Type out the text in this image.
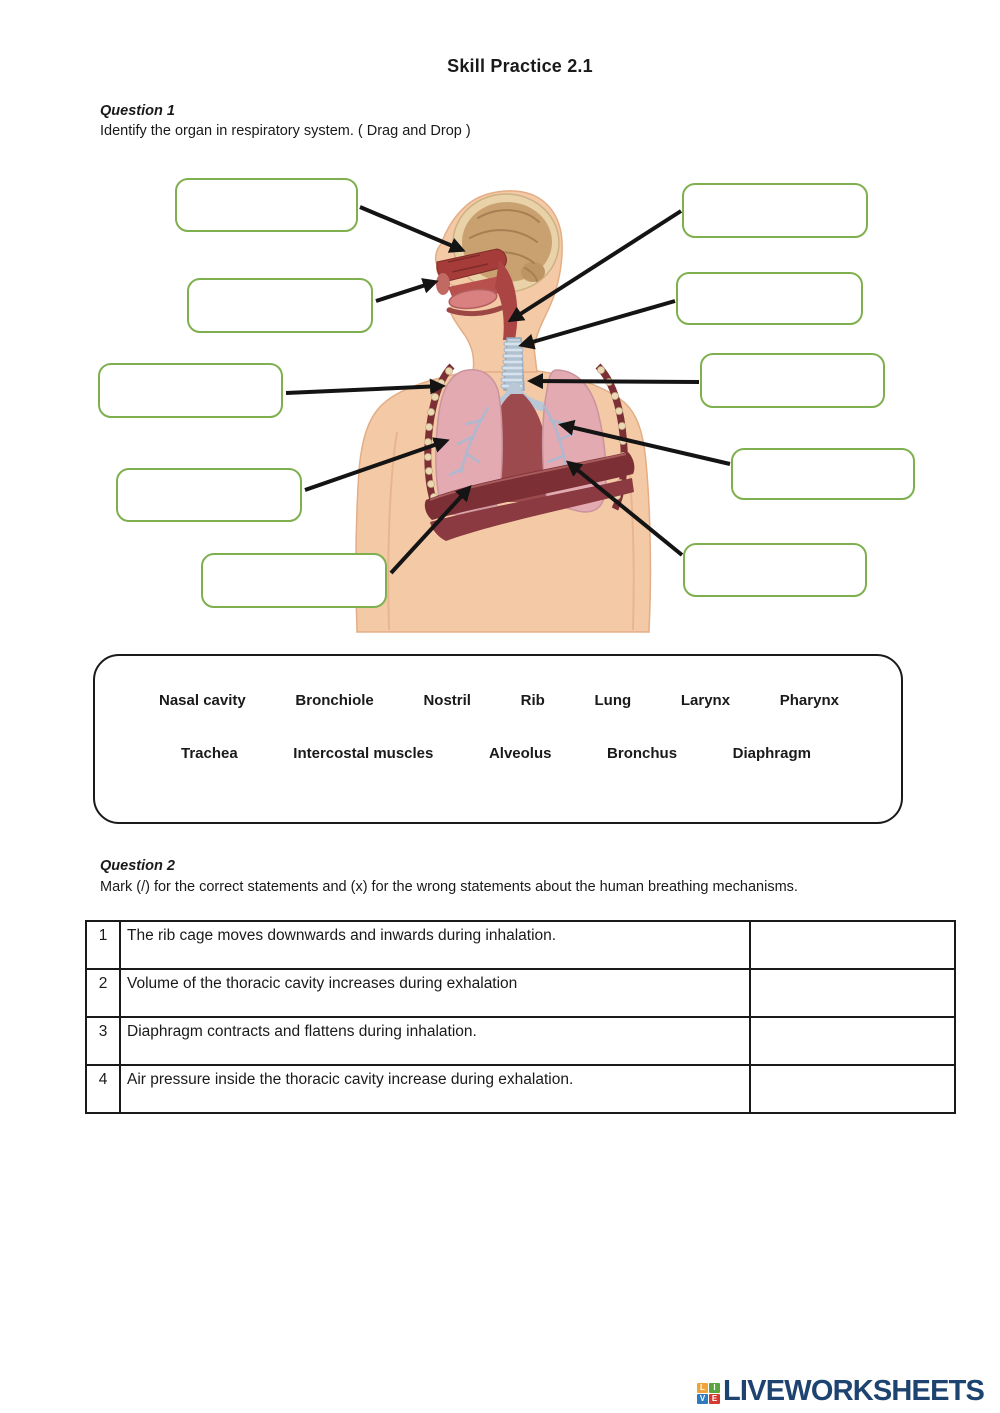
Skill Practice 2.1
Question 1
Identify the organ in respiratory system. ( Drag and Drop )
Nasal cavity	Bronchiole	Nostril	Rib	Lung	Larynx	Pharynx
Trachea	Intercostal muscles	Alveolus	Bronchus	Diaphragm
Question 2
Mark (/) for the correct statements and (x) for the wrong statements about the human breathing mechanisms.
1	The rib cage moves downwards and inwards during inhalation.	
2	Volume of the thoracic cavity increases during exhalation	
3	Diaphragm contracts and flattens during inhalation.	
4	Air pressure inside the thoracic cavity increase during exhalation.	
L	I
V E LIVEWORKSHEETS
